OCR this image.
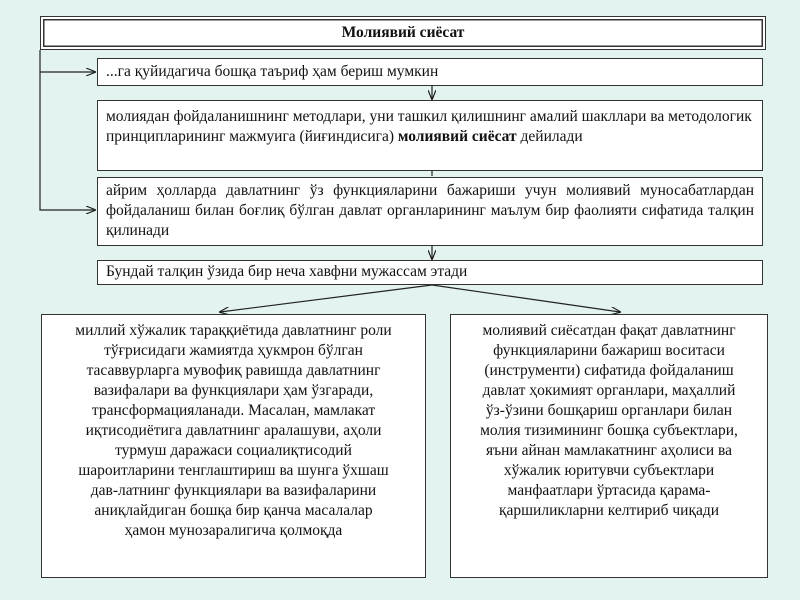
Молиявий сиёсат
...га қуйидагича бошқа таъриф ҳам бериш мумкин
молиядан фойдаланишнинг методлари, уни ташкил қилишнинг амалий шакллари ва методологик принципларининг мажмуига (йиғиндисига) молиявий сиёсат дейилади
айрим ҳолларда давлатнинг ўз функцияларини бажариши учун молиявий муносабатлардан фойдаланиш билан боғлиқ бўлган давлат органларининг маълум бир фаолияти сифатида талқин қилинади
Бундай талқин ўзида бир неча хавфни мужассам этади
миллий хўжалик тараққиётида давлатнинг роли
тўғрисидаги жамиятда ҳукмрон бўлган
тасаввурларга мувофиқ равишда давлатнинг
вазифалари ва функциялари ҳам ўзгаради,
трансформацияланади. Масалан, мамлакат
иқтисодиётига давлатнинг аралашуви, аҳоли
турмуш даражаси социалиқтисодий
шароитларини тенглаштириш ва шунга ўхшаш
дав-латнинг функциялари ва вазифаларини
аниқлайдиган бошқа бир қанча масалалар
ҳамон мунозаралигича қолмоқда
молиявий сиёсатдан фақат давлатнинг
функцияларини бажариш воситаси
(инструменти) сифатида фойдаланиш
давлат ҳокимият органлари, маҳаллий
ўз-ўзини бошқариш органлари билан
молия тизимининг бошқа субъектлари,
яъни айнан мамлакатнинг аҳолиси ва
хўжалик юритувчи субъектлари
манфаатлари ўртасида қарама-
қаршиликларни келтириб чиқади
